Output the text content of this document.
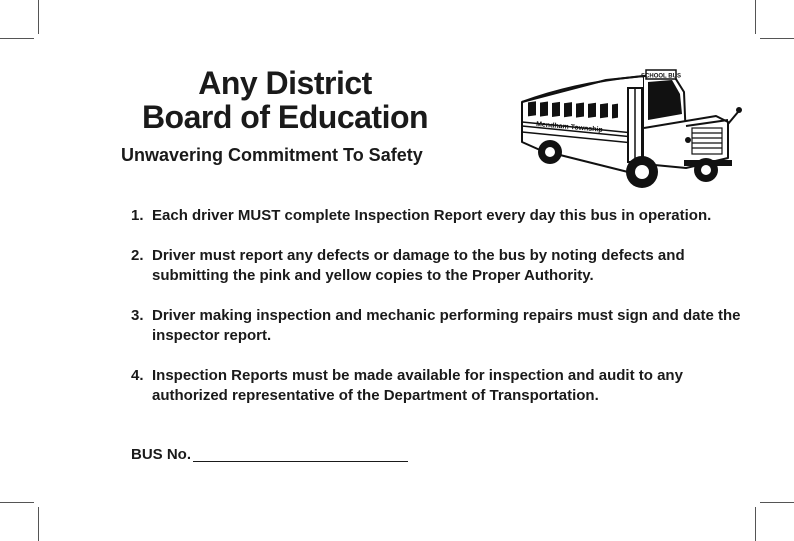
Any District
Board of Education

Unwavering Commitment To Safety

SCHOOL BUS
Mendham Township
1. Each driver MUST complete Inspection Report every day this bus in operation.
2. Driver must report any defects or damage to the bus by noting defects and submitting the pink and yellow copies to the Proper Authority.
3. Driver making inspection and mechanic performing repairs must sign and date the inspector report.
4. Inspection Reports must be made available for inspection and audit to any authorized representative of the Department of Transportation.
BUS No.
